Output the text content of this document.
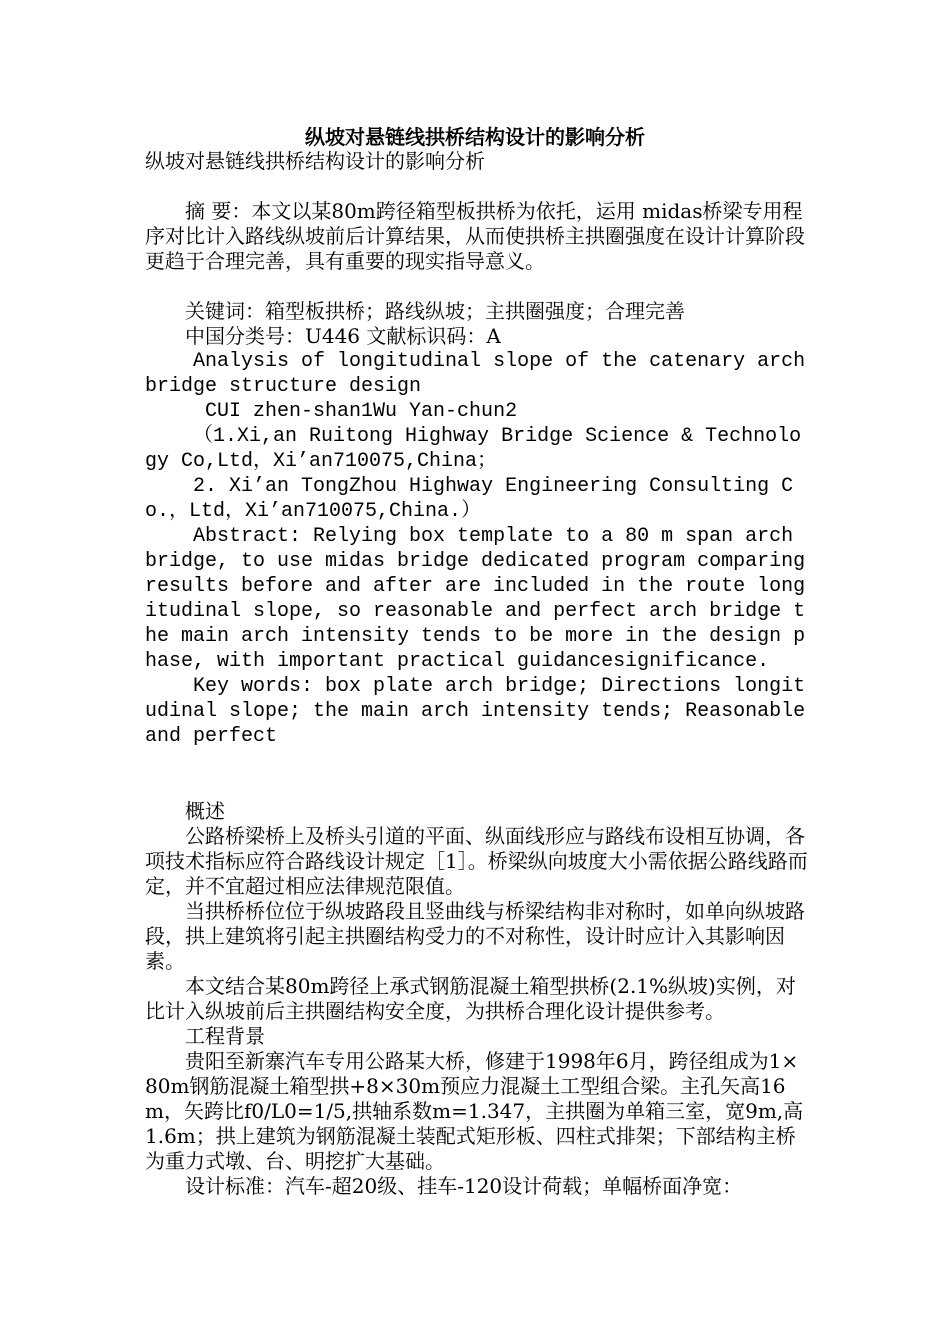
纵坡对悬链线拱桥结构设计的影响分析

纵坡对悬链线拱桥结构设计的影响分析

　　摘 要：本文以某80m跨径箱型板拱桥为依托，运用 midas桥梁专用程序对比计入路线纵坡前后计算结果，从而使拱桥主拱圈强度在设计计算阶段更趋于合理完善，具有重要的现实指导意义。

　　关键词：箱型板拱桥；路线纵坡；主拱圈强度；合理完善

　　中国分类号：U446 文献标识码：A

Analysis of longitudinal slope of the catenary arch bridge structure design

CUI zhen-shan1Wu Yan-chun2

（1.Xi,an Ruitong Highway Bridge Science & Technology Co,Ltd，Xi’an710075,China；

2. Xi’an TongZhou Highway Engineering Consulting Co.，Ltd，Xi’an710075,China.）

Abstract: Relying box template to a 80 m span arch bridge, to use midas bridge dedicated program comparing results before and after are included in the route longitudinal slope, so reasonable and perfect arch bridge the main arch intensity tends to be more in the design phase, with important practical guidancesignificance.

Key words: box plate arch bridge; Directions longitudinal slope; the main arch intensity tends; Reasonable and perfect

　　概述

　　公路桥梁桥上及桥头引道的平面、纵面线形应与路线布设相互协调，各项技术指标应符合路线设计规定［1］。桥梁纵向坡度大小需依据公路线路而定，并不宜超过相应法律规范限值。

　　当拱桥桥位位于纵坡路段且竖曲线与桥梁结构非对称时，如单向纵坡路段，拱上建筑将引起主拱圈结构受力的不对称性，设计时应计入其影响因素。

　　本文结合某80m跨径上承式钢筋混凝土箱型拱桥(2.1%纵坡)实例，对比计入纵坡前后主拱圈结构安全度，为拱桥合理化设计提供参考。

　　工程背景

　　贵阳至新寨汽车专用公路某大桥，修建于1998年6月，跨径组成为1×80m钢筋混凝土箱型拱+8×30m预应力混凝土工型组合梁。主孔矢高16m，矢跨比f0/L0=1/5,拱轴系数m=1.347，主拱圈为单箱三室，宽9m,高1.6m；拱上建筑为钢筋混凝土装配式矩形板、四柱式排架；下部结构主桥为重力式墩、台、明挖扩大基础。

　　设计标准：汽车-超20级、挂车-120设计荷载；单幅桥面净宽：
